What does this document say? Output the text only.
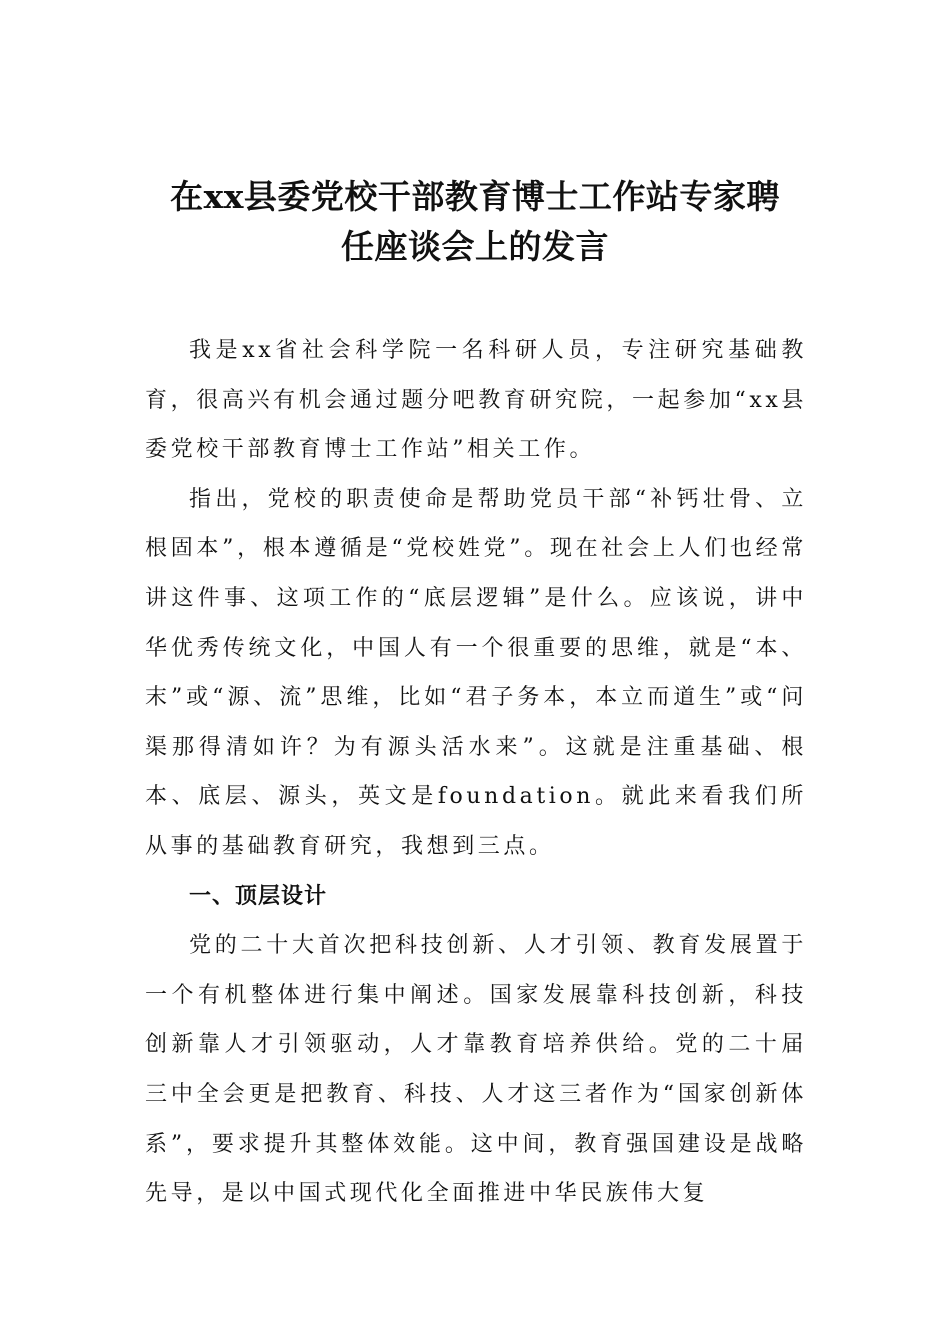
在xx县委党校干部教育博士工作站专家聘
任座谈会上的发言

我是xx省社会科学院一名科研人员，专注研究基础教育，很高兴有机会通过题分吧教育研究院，一起参加“xx县委党校干部教育博士工作站”相关工作。

指出，党校的职责使命是帮助党员干部“补钙壮骨、立根固本”，根本遵循是“党校姓党”。现在社会上人们也经常讲这件事、这项工作的“底层逻辑”是什么。应该说，讲中华优秀传统文化，中国人有一个很重要的思维，就是“本、末”或“源、流”思维，比如“君子务本，本立而道生”或“问渠那得清如许？为有源头活水来”。这就是注重基础、根本、底层、源头，英文是foundation。就此来看我们所从事的基础教育研究，我想到三点。

一、顶层设计

党的二十大首次把科技创新、人才引领、教育发展置于一个有机整体进行集中阐述。国家发展靠科技创新，科技创新靠人才引领驱动，人才靠教育培养供给。党的二十届三中全会更是把教育、科技、人才这三者作为“国家创新体系”，要求提升其整体效能。这中间，教育强国建设是战略先导，是以中国式现代化全面推进中华民族伟大复
